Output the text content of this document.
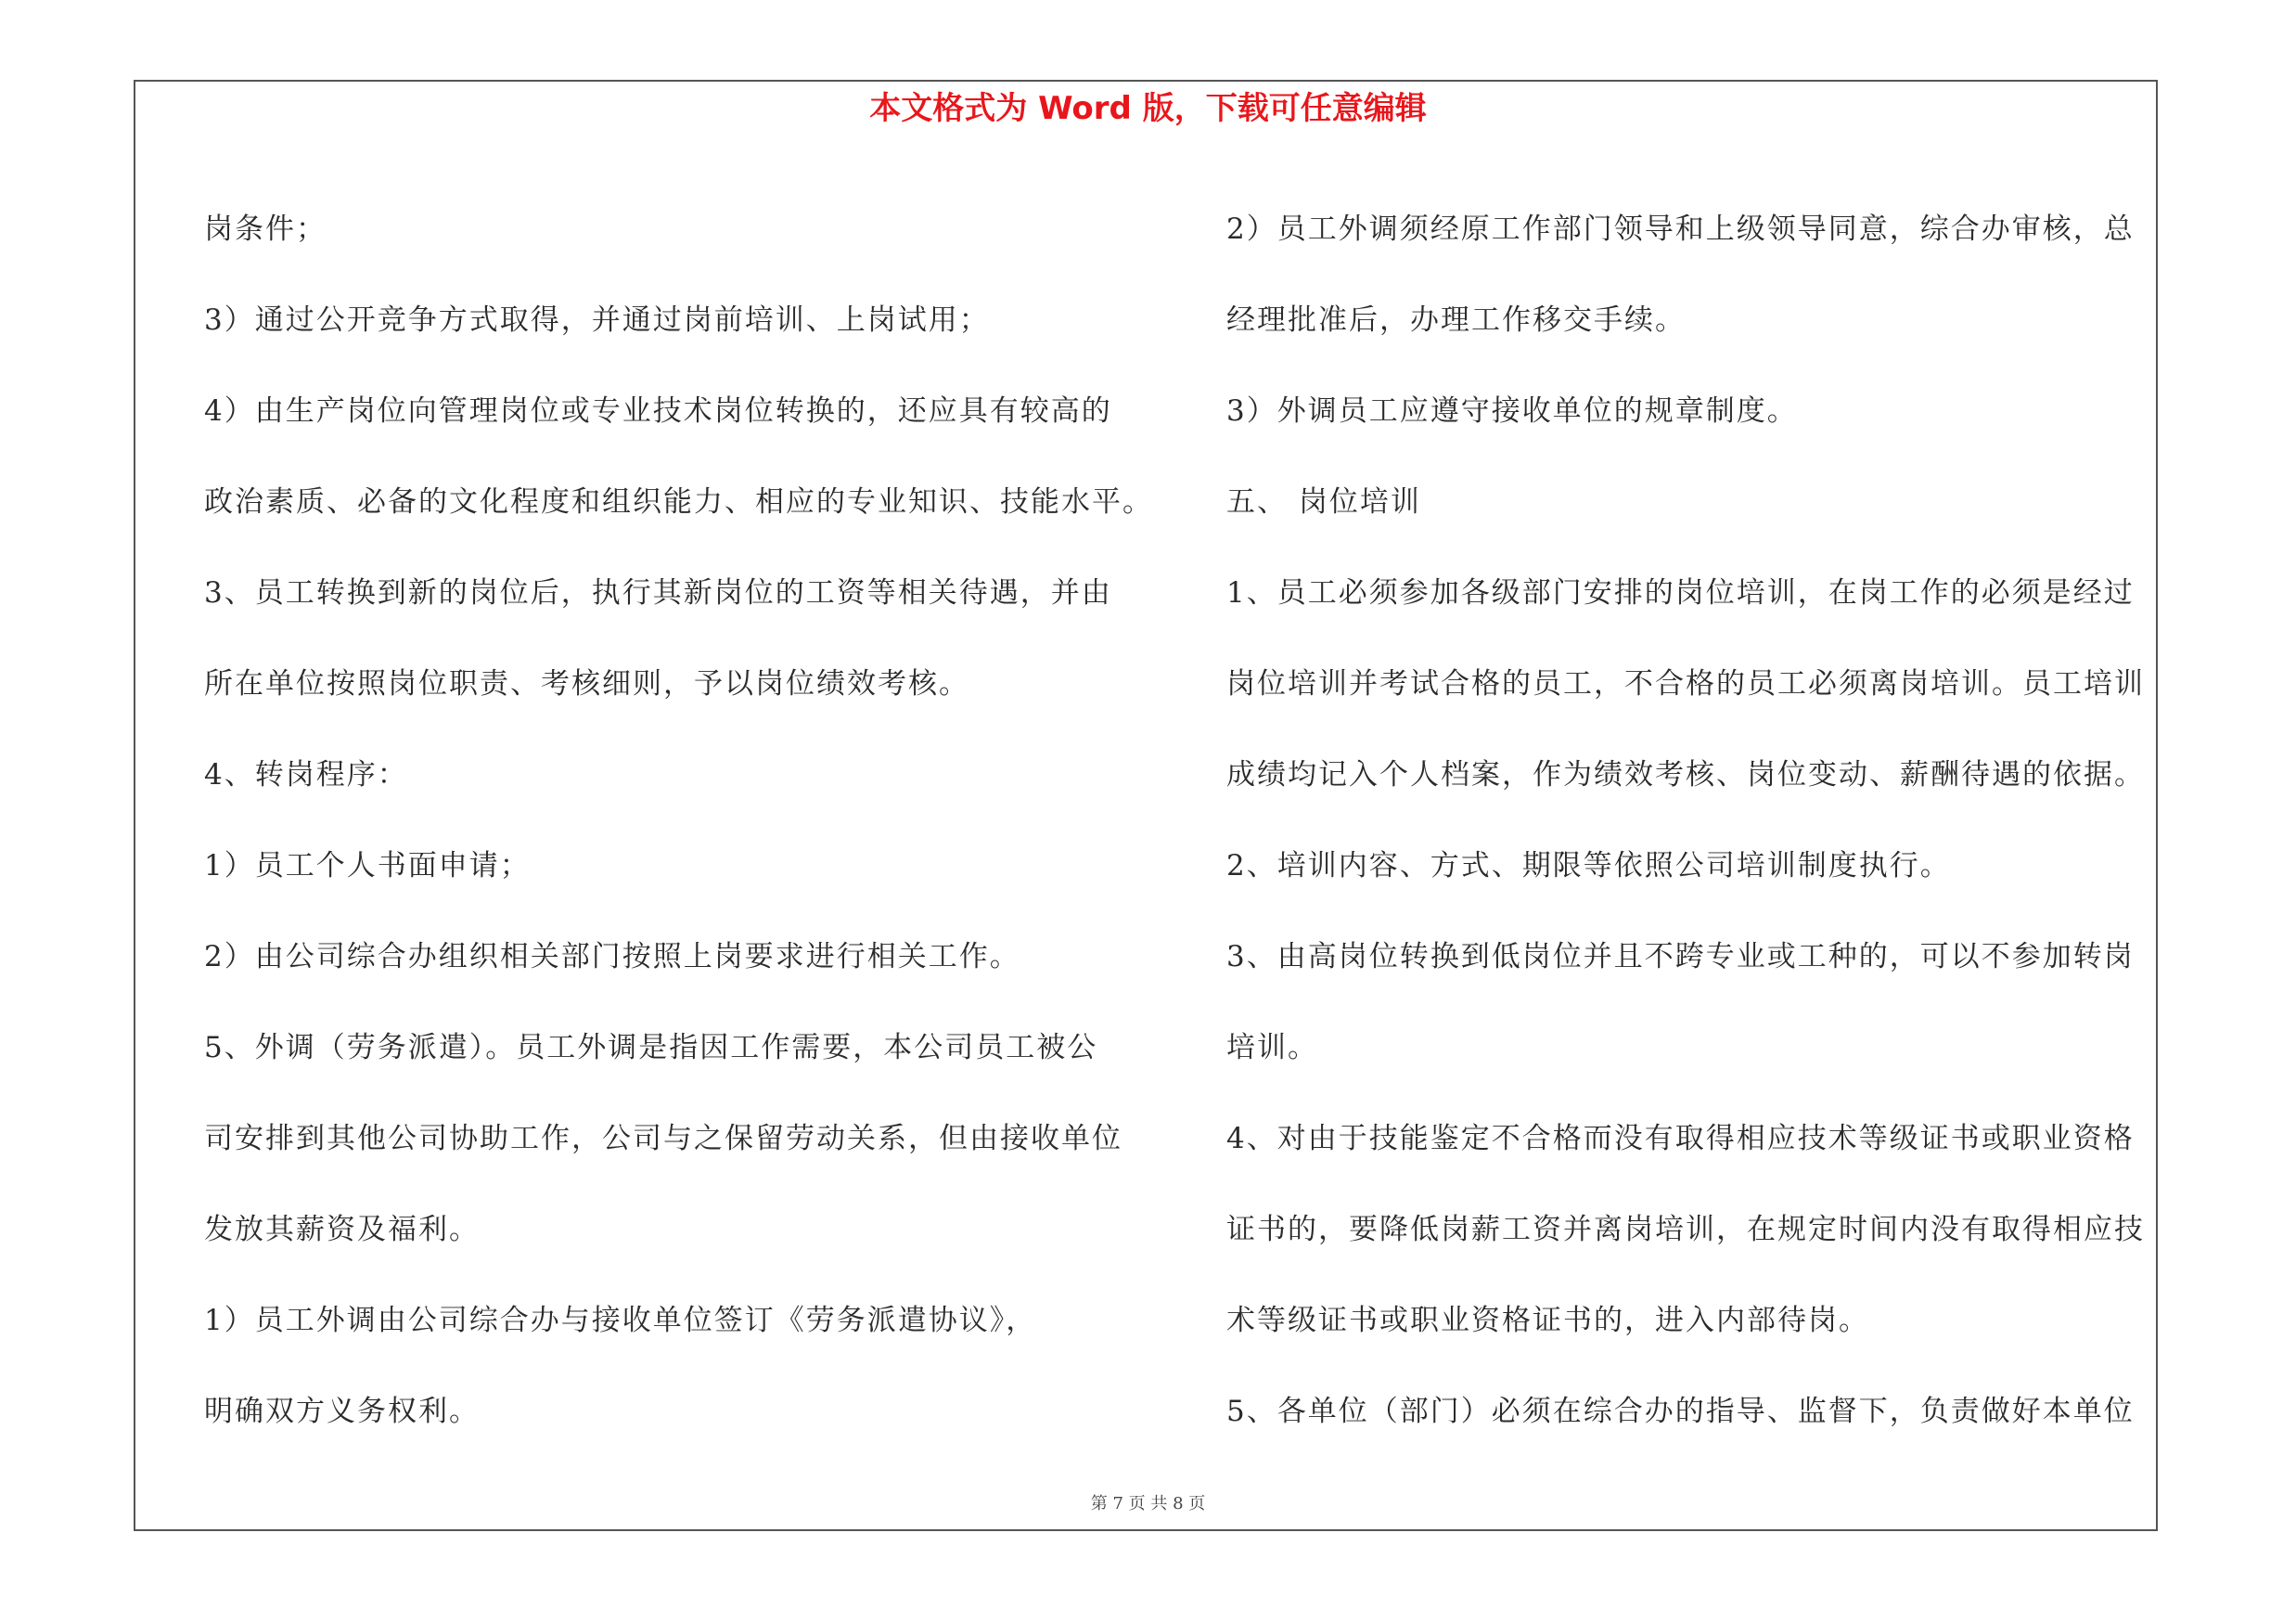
本文格式为 Word 版，下载可任意编辑
岗条件；
3）通过公开竞争方式取得，并通过岗前培训、上岗试用；
4）由生产岗位向管理岗位或专业技术岗位转换的，还应具有较高的
政治素质、必备的文化程度和组织能力、相应的专业知识、技能水平。
3、员工转换到新的岗位后，执行其新岗位的工资等相关待遇，并由
所在单位按照岗位职责、考核细则，予以岗位绩效考核。
4、转岗程序：
1）员工个人书面申请；
2）由公司综合办组织相关部门按照上岗要求进行相关工作。
5、外调（劳务派遣）。员工外调是指因工作需要，本公司员工被公
司安排到其他公司协助工作，公司与之保留劳动关系，但由接收单位
发放其薪资及福利。
1）员工外调由公司综合办与接收单位签订《劳务派遣协议》，
明确双方义务权利。
2）员工外调须经原工作部门领导和上级领导同意，综合办审核，总
经理批准后，办理工作移交手续。
3）外调员工应遵守接收单位的规章制度。
五、 岗位培训
1、员工必须参加各级部门安排的岗位培训，在岗工作的必须是经过
岗位培训并考试合格的员工，不合格的员工必须离岗培训。员工培训
成绩均记入个人档案，作为绩效考核、岗位变动、薪酬待遇的依据。
2、培训内容、方式、期限等依照公司培训制度执行。
3、由高岗位转换到低岗位并且不跨专业或工种的，可以不参加转岗
培训。
4、对由于技能鉴定不合格而没有取得相应技术等级证书或职业资格
证书的，要降低岗薪工资并离岗培训，在规定时间内没有取得相应技
术等级证书或职业资格证书的，进入内部待岗。
5、各单位（部门）必须在综合办的指导、监督下，负责做好本单位
第 7 页 共 8 页
